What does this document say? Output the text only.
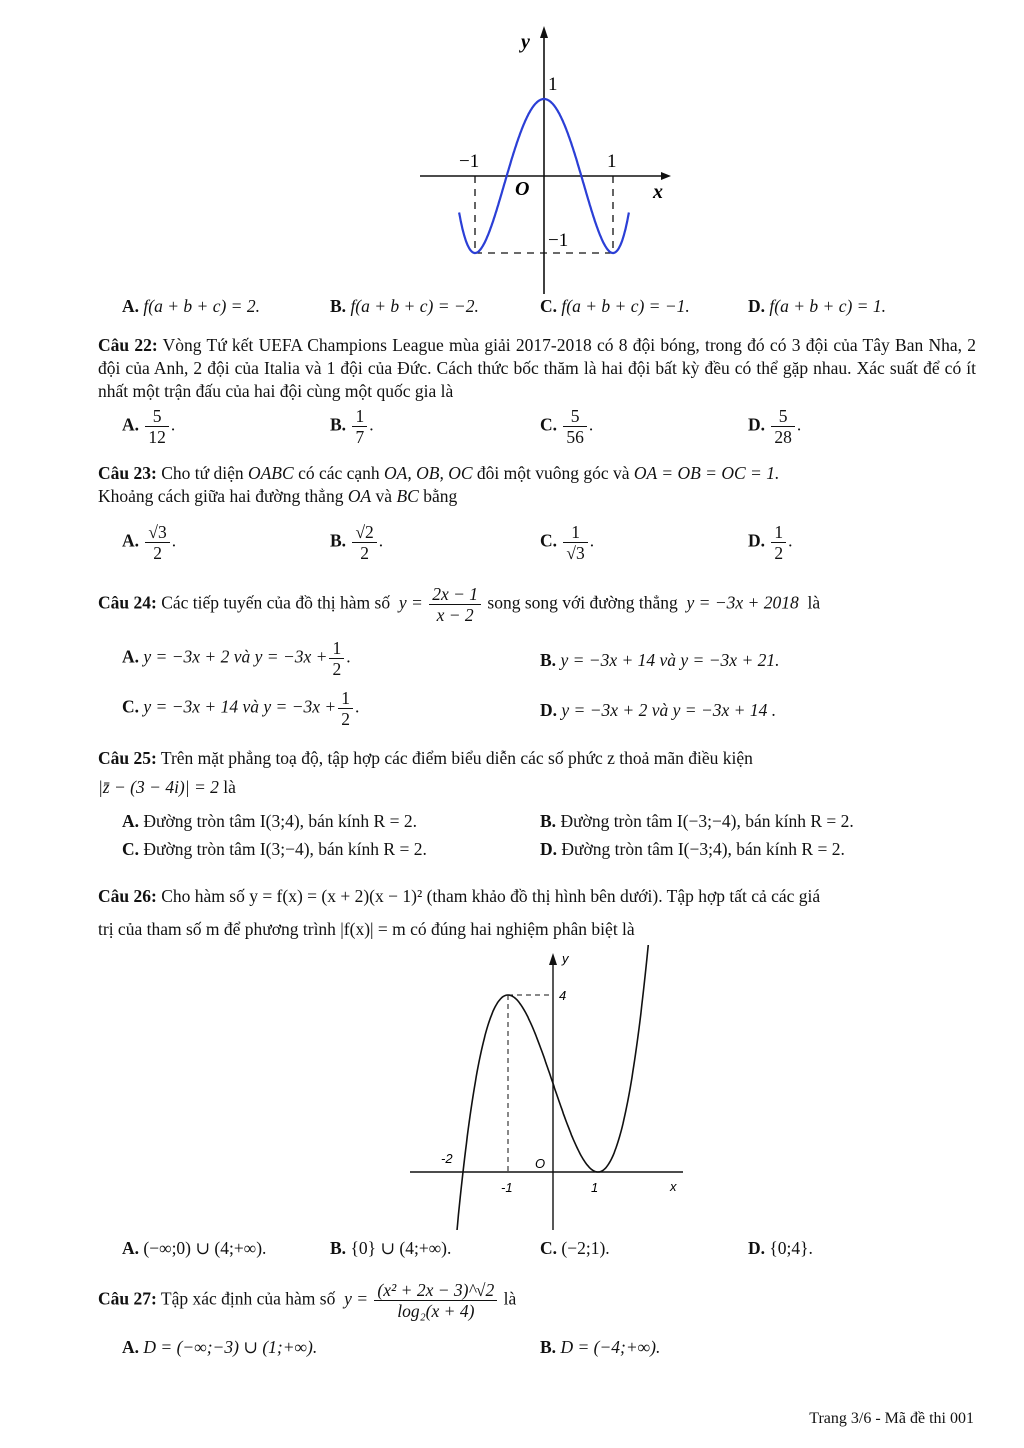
y
x
O
1
−1	1
−1
A. f(a + b + c) = 2.	B. f(a + b + c) = −2.	C. f(a + b + c) = −1.	D. f(a + b + c) = 1.
Câu 22: Vòng Tứ kết UEFA Champions League mùa giải 2017-2018 có 8 đội bóng, trong đó có 3 đội của Tây Ban Nha, 2 đội của Anh, 2 đội của Italia và 1 đội của Đức. Cách thức bốc thăm là hai đội bất kỳ đều có thể gặp nhau. Xác suất để có ít nhất một trận đấu của hai đội cùng một quốc gia là
A. $\frac{5}{12}$ .	B. $\frac{1}{7}$ .	C. $\frac{5}{56}$ .	D. $\frac{5}{28}$ .
Câu 23: Cho tứ diện OABC có các cạnh OA, OB, OC đôi một vuông góc và OA = OB = OC = 1.
Khoảng cách giữa hai đường thẳng OA và BC bằng
A. $\frac{√3}{2}$ .	B. $\frac{√2}{2}$ .	C. $\frac{1}{√3}$ .	D. $\frac{1}{2}$ .
Câu 24: Các tiếp tuyến của đồ thị hàm số $y = \frac{2x - 1}{x - 2}$ song song với đường thẳng y = −3x + 2018 là
A. y = −3x + 2 và $y = -3x + \frac{1}{2}$ .	B. y = −3x + 14 và y = −3x + 21.
C. y = −3x + 14 và $y = -3x + \frac{1}{2}$ .	D. y = −3x + 2 và y = −3x + 14 .
Câu 25: Trên mặt phẳng toạ độ, tập hợp các điểm biểu diễn các số phức z thoả mãn điều kiện
|z̄ − (3 − 4i)| = 2 là
A. Đường tròn tâm I(3;4), bán kính R = 2.	B. Đường tròn tâm I(−3;−4), bán kính R = 2.
C. Đường tròn tâm I(3;−4), bán kính R = 2.	D. Đường tròn tâm I(−3;4), bán kính R = 2.
Câu 26: Cho hàm số y = f(x) = (x + 2)(x − 1)² (tham khảo đồ thị hình bên dưới). Tập hợp tất cả các giá
trị của tham số m để phương trình |f(x)| = m có đúng hai nghiệm phân biệt là
y
x
O
4
-2
-1	1
A. (−∞;0) ∪ (4;+∞).	B. {0} ∪ (4;+∞).	C. (−2;1).	D. {0;4}.
Câu 27: Tập xác định của hàm số $y = \frac{\text{(x² + 2x − 3)\textasciicircum{}√2}}{\text{log₂(x + 4)}}$ là
A. D = (−∞;−3) ∪ (1;+∞).	B. D = (−4;+∞).
Trang 3/6 - Mã đề thi 001
